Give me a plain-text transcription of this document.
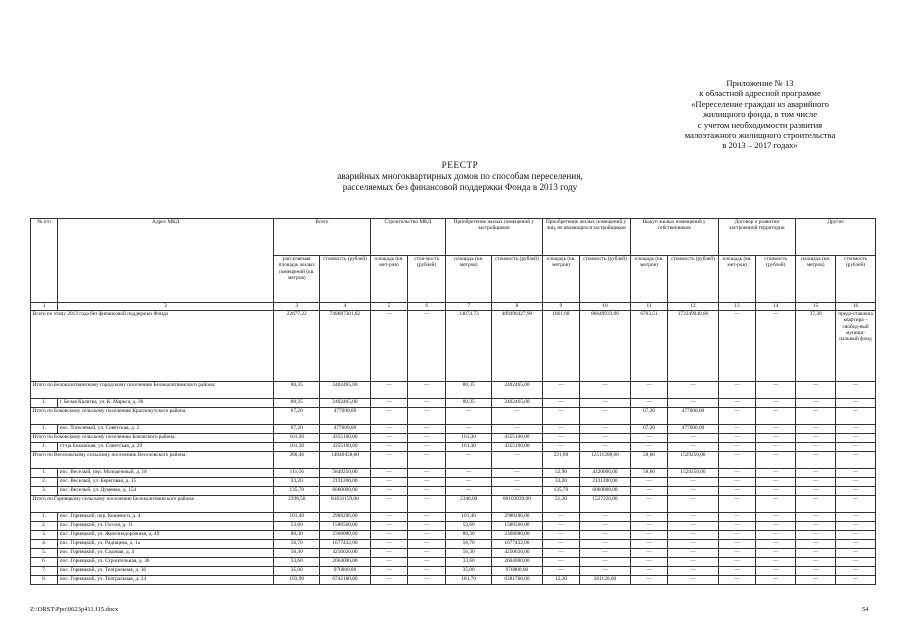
Приложение № 13
к областной адресной программе
«Переселение граждан из аварийного
жилищного фонда, в том числе
с учетом необходимости развития
малоэтажного жилищного строительства
в 2013 – 2017 годах»
РЕЕСТР
аварийных многоквартирных домов по способам переселения,
расселяемых без финансовой поддержки Фонда в 2013 году
№ п/п	Адрес МКД	Всего		Строительство МКД		Приобретение жилых помещений у застройщиков		Приобретение жилых помещений у лиц, не являющихся застройщиком		Выкуп жилых помещений у собственников		Договор о развитии застроенной территории		Другие	
		расселяемая площадь жилых помещений (кв. метров)	стоимость (рублей)	площадь (кв. мет-ров)	стои-мость (рублей)	площадь (кв. метров)	стоимость (рублей)	площадь (кв. метров)	стоимость (рублей)	площадь (кв. метров)	стоимость (рублей)	площадь (кв. мет-ров)	стоимость (рублей)	площадь (кв. метров)	стоимость (рублей)
1	2	3	4	5	6	7	8	9	10	11	12	13	14	15	16
Всего по этапу 2013 года без финансовой поддержки Фонда		22677,22	749687301,82	—	—	14074,73	489496427,90	1861,68	86649933,06	6703,51	173349940,86	—	—	37,30	предо-ставлена квартира – свобод-ный муници-пальный фонд
Итого по Белокалитвинскому городскому поселению Белокалитвинского района:		80,35	2402465,00	—	—	80,35	2402465,00	—	—	—	—	—	—	—	—
1.	г. Белая Калитва, ул. К. Маркса, д. 36	80,35	2402465,00	—	—	80,35	2402465,00	—	—	—	—	—	—	—	—
Итого по Боковскому сельскому поселению Краснокутского района:		67,20	477000,00	—	—	—	—	—	—	67,20	477000,00	—	—	—	—
1.	пос. Тополевый, ул. Советская, д. 2	67,20	477000,00	—	—	—	—	—	—	67,20	477000,00	—	—	—	—
Итого по Боковскому сельскому поселению Боковского района:		161,30	4355100,00	—	—	161,30	4355100,00	—	—	—	—	—	—	—	—
1.	ст-ца Боковская, ул. Советская, д. 29	161,30	4355100,00	—	—	161,30	4355100,00	—	—	—	—	—	—	—	—
Итого по Веселовскому сельскому поселению Веселовского района:		280,46	14040458,00	—	—	—	—	221,80	12511208,00	58,66	1529250,00	—	—	—	—
1.	пос. Веселый, пер. Молодежный, д. 18	111,56	5849250,00	—	—	—	—	52,90	4320000,00	58,66	1529250,00	—	—	—	—
2.	пос. Веселый, ул. Береговая, д. 15	33,20	2131200,00	—	—	—	—	33,20	2131200,00	—	—	—	—	—	—
3.	пос. Веселый, ул. Думенко, д. 154	135,70	6060008,00	—	—	—	—	135,70	6060008,00	—	—	—	—	—	—
Итого по Горняцкому сельскому поселению Белокалитвинского района:		2398,50	81631159,00	—	—	2340,00	80103939,00	51,20	1527220,00	—	—	—	—	—	—
1.	пос. Горняцкий, пер. Кошевого, д. 4	101,40	2988206,00	—	—	101,40	2988206,00	—	—	—	—	—	—	—	—
2.	пос. Горняцкий, ул. Гоголя, д. 11	53,60	1586560,00	—	—	53,60	1586560,00	—	—	—	—	—	—	—	—
3.	пос. Горняцкий, ул. Железнодорожная, д. 49	80,30	2368080,00	—	—	80,30	2368080,00	—	—	—	—	—	—	—	—
4.	пос. Горняцкий, ул. Радищева, д. 1а	56,70	1677432,00	—	—	56,70	1677432,00	—	—	—	—	—	—	—	—
5.	пос. Горняцкий, ул. Садовая, д. 4	56,30	4250620,00	—	—	56,30	4250620,00	—	—	—	—	—	—	—	—
6.	пос. Горняцкий, ул. Строительная, д. 38	33,60	2664000,00	—	—	33,60	2664000,00	—	—	—	—	—	—	—	—
7.	пос. Горняцкий, ул. Театральная, д. 36	35,00	976800,00	—	—	35,00	976800,00	—	—	—	—	—	—	—	—
8.	пос. Горняцкий, ул. Театральная, д. 24	193,90	6742180,00	—	—	181,70	6381760,00	12,20	361120,00	—	—	—	—	—	—
Z:\ORST\Ppo\0623p411.f15.docx	54
